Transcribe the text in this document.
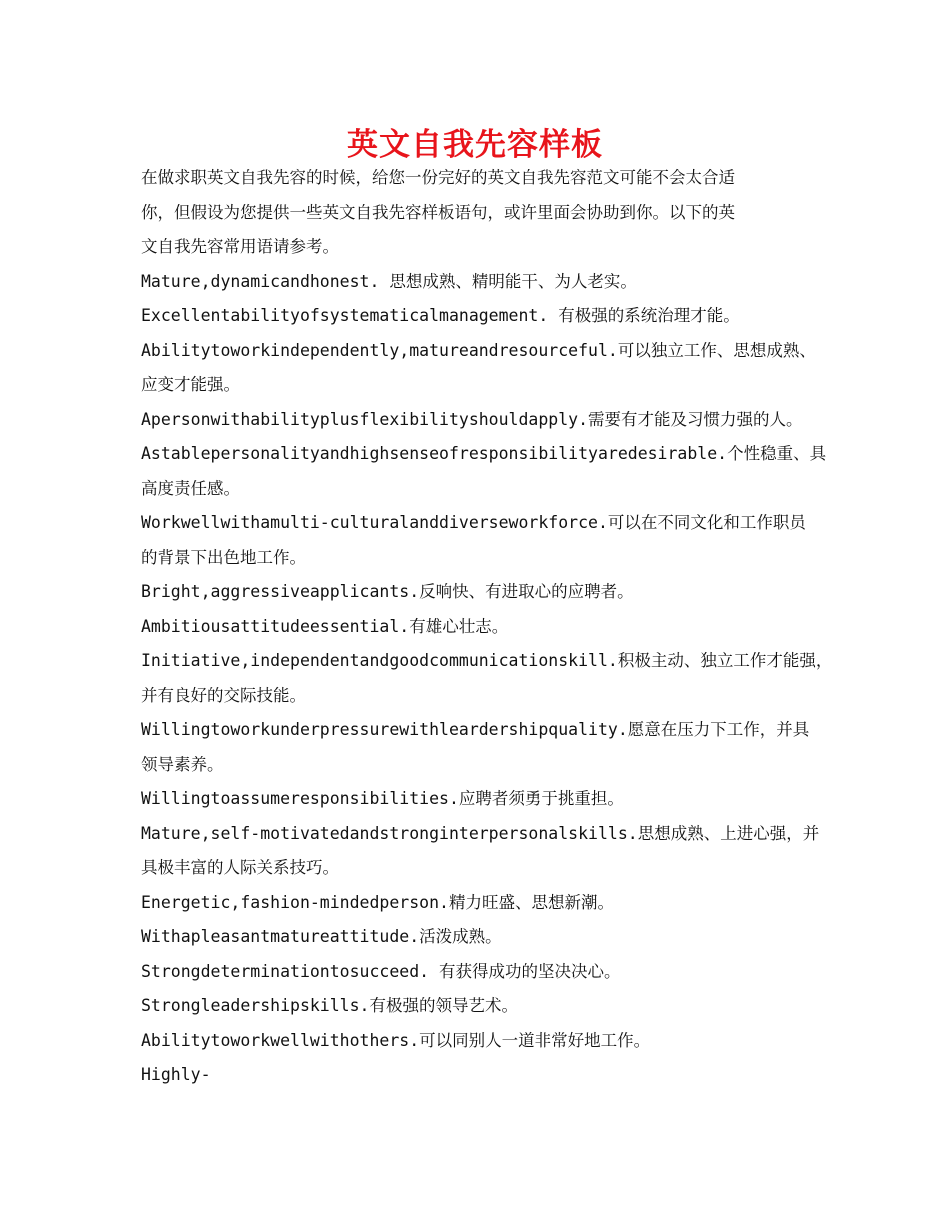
英文自我先容样板

在做求职英文自我先容的时候，给您一份完好的英文自我先容范文可能不会太合适

你，但假设为您提供一些英文自我先容样板语句，或许里面会协助到你。以下的英

文自我先容常用语请参考。

Mature,dynamicandhonest. 思想成熟、精明能干、为人老实。

Excellentabilityofsystematicalmanagement. 有极强的系统治理才能。

Abilitytoworkindependently,matureandresourceful.可以独立工作、思想成熟、

应变才能强。

Apersonwithabilityplusflexibilityshouldapply.需要有才能及习惯力强的人。

Astablepersonalityandhighsenseofresponsibilityaredesirable.个性稳重、具

高度责任感。

Workwellwithamulti-culturalanddiverseworkforce.可以在不同文化和工作职员

的背景下出色地工作。

Bright,aggressiveapplicants.反响快、有进取心的应聘者。

Ambitiousattitudeessential.有雄心壮志。

Initiative,independentandgoodcommunicationskill.积极主动、独立工作才能强，

并有良好的交际技能。

Willingtoworkunderpressurewithleardershipquality.愿意在压力下工作，并具

领导素养。

Willingtoassumeresponsibilities.应聘者须勇于挑重担。

Mature,self-motivatedandstronginterpersonalskills.思想成熟、上进心强，并

具极丰富的人际关系技巧。

Energetic,fashion-mindedperson.精力旺盛、思想新潮。

Withapleasantmatureattitude.活泼成熟。

Strongdeterminationtosucceed. 有获得成功的坚决决心。

Strongleadershipskills.有极强的领导艺术。

Abilitytoworkwellwithothers.可以同别人一道非常好地工作。

Highly-
